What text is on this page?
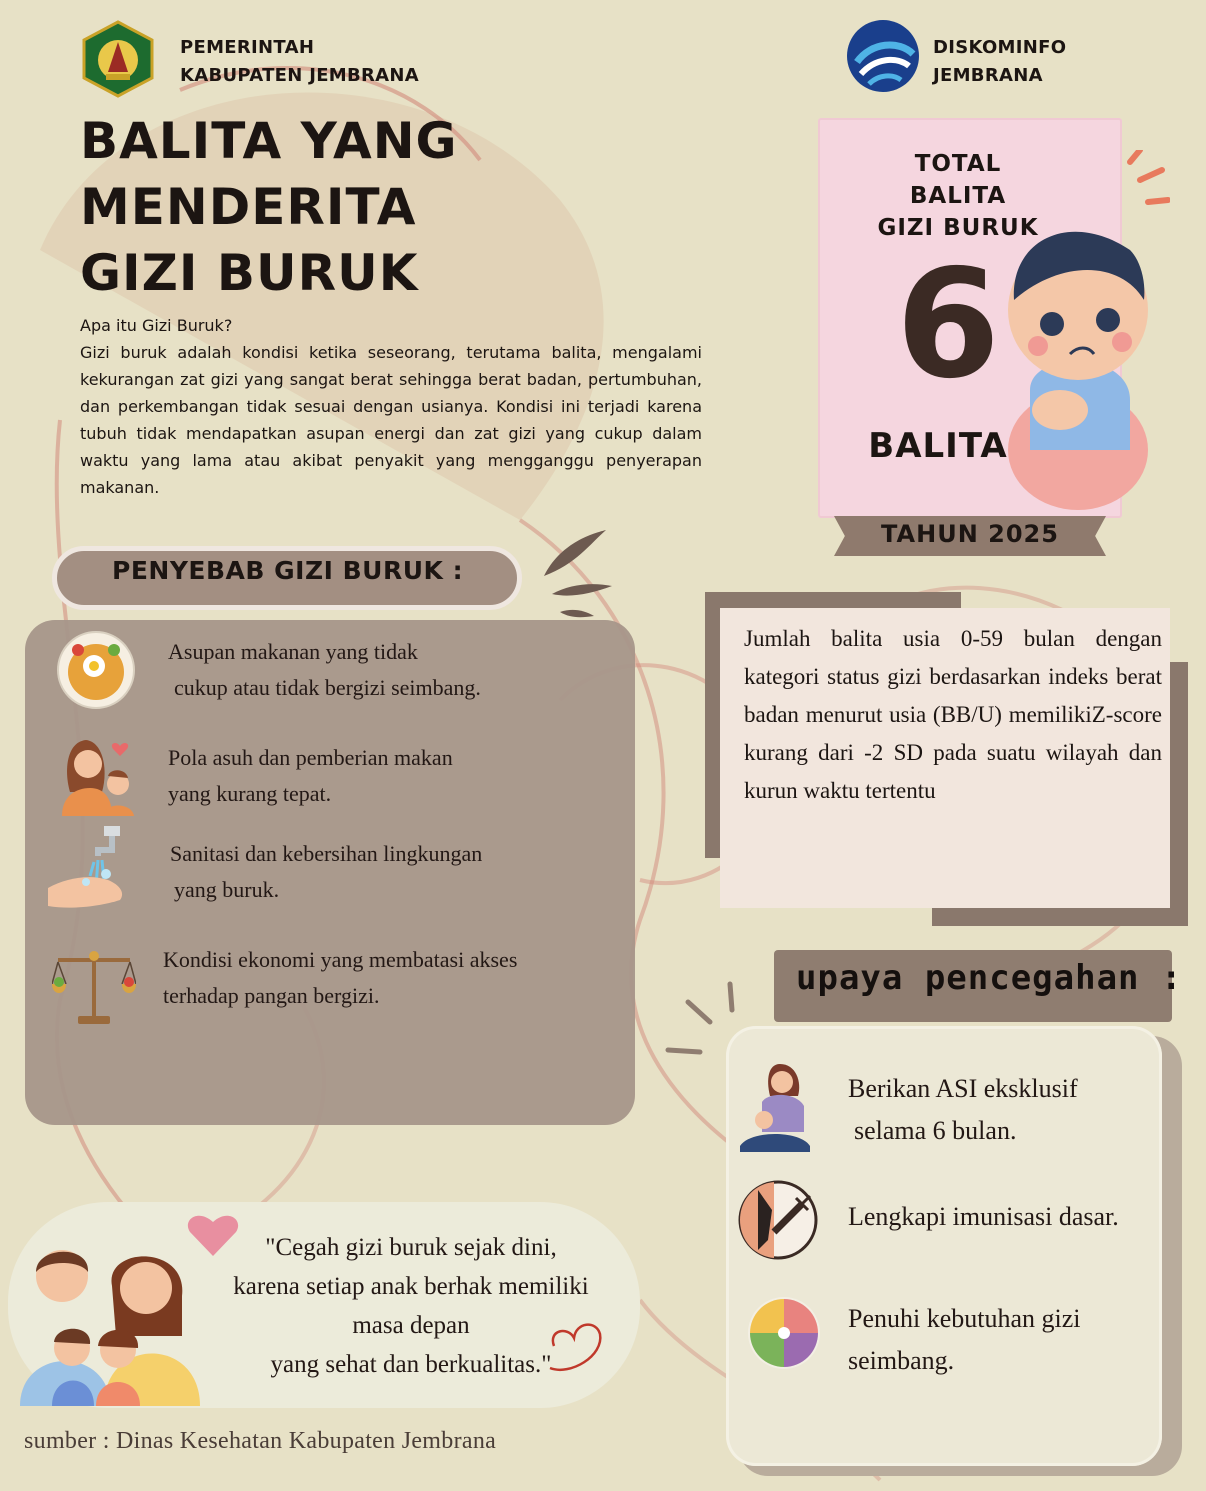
PEMERINTAH
KABUPATEN JEMBRANA
DISKOMINFO
JEMBRANA
BALITA YANG
MENDERITA
GIZI BURUK
Apa itu Gizi Buruk?
Gizi buruk adalah kondisi ketika seseorang, terutama balita, mengalami kekurangan zat gizi yang sangat berat sehingga berat badan, pertumbuhan, dan perkembangan tidak sesuai dengan usianya. Kondisi ini terjadi karena tubuh tidak mendapatkan asupan energi dan zat gizi yang cukup dalam waktu yang lama atau akibat penyakit yang mengganggu penyerapan makanan.
TOTAL
BALITA
GIZI BURUK
6
BALITA
TAHUN 2025
PENYEBAB GIZI BURUK :
Asupan makanan yang tidak
cukup atau tidak bergizi seimbang.
Pola asuh dan pemberian makan
yang kurang tepat.
Sanitasi dan kebersihan lingkungan
yang buruk.
Kondisi ekonomi yang membatasi akses
terhadap pangan bergizi.
Jumlah balita usia 0-59 bulan dengan kategori status gizi berdasarkan indeks berat badan menurut usia (BB/U) memilikiZ-score kurang dari -2 SD pada suatu wilayah dan kurun waktu tertentu
upaya pencegahan :
Berikan ASI eksklusif
selama 6 bulan.
Lengkapi imunisasi dasar.
Penuhi kebutuhan gizi
seimbang.
"Cegah gizi buruk sejak dini,
karena setiap anak berhak memiliki
masa depan
yang sehat dan berkualitas."
sumber : Dinas Kesehatan Kabupaten Jembrana
